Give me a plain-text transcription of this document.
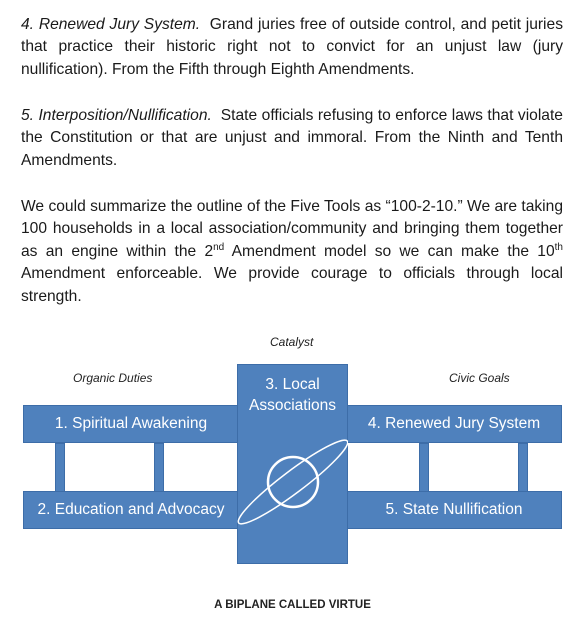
4. Renewed Jury System. Grand juries free of outside control, and petit juries that practice their historic right not to convict for an unjust law (jury nullification). From the Fifth through Eighth Amendments.

5. Interposition/Nullification. State officials refusing to enforce laws that violate the Constitution or that are unjust and immoral. From the Ninth and Tenth Amendments.

We could summarize the outline of the Five Tools as “100-2-10.” We are taking 100 households in a local association/community and bringing them together as an engine within the 2nd Amendment model so we can make the 10th Amendment enforceable. We provide courage to officials through local strength.

Catalyst
Organic Duties	Civic Goals
1. Spiritual Awakening
2. Education and Advocacy
4. Renewed Jury System
5. State Nullification
3. Local
Associations
A BIPLANE CALLED VIRTUE
